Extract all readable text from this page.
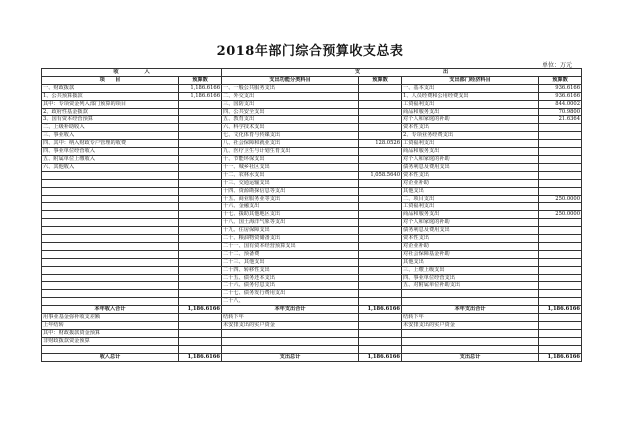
2018年部门综合预算收支总表
单位：万元
收　　　　　入		支　　　　　　　　　　　　　　　　出			
项　　目	预算数	支出功能分类科目	预算数	支出部门经济科目	预算数
一、财政拨款	1,186.6166	一、一般公共服务支出		一、基本支出	936.6166
1、公共预算拨款	1,186.6166	二、外交支出		1、人员经费和公用经费支出	936.6166
其中：专项资金列入部门预算的项目		三、国防支出		工资福利支出	844.0002
2、政府性基金拨款		四、公共安全支出		商品和服务支出	70.9800
3、国有资本经营预算		五、教育支出		对个人和家庭的补助	21.6364
二、上级补助收入		六、科学技术支出		资本性支出	
三、事业收入		七、文化体育与传媒支出		2、专项业务经费支出	
四、其中：纳入财政专户管理的收费		八、社会保障和就业支出	128.0526	工资福利支出	
四、事业单位经营收入		九、医疗卫生与计划生育支出		商品和服务支出	
五、附属单位上缴收入		十、节能环保支出		对个人和家庭的补助	
六、其他收入		十一、城乡社区支出		债务利息及费用支出	
		十二、农林水支出	1,058.5640	资本性支出	
		十三、交通运输支出		对企业补助	
		十四、资源勘探信息等支出		其他支出	
		十五、商业服务业等支出		二、项目支出	250.0000
		十六、金融支出		工资福利支出	
		十七、援助其他地区支出		商品和服务支出	250.0000
		十八、国土海洋气象等支出		对个人和家庭的补助	
		十九、住房保障支出		债务利息及费用支出	
		二十、粮油物资储备支出		资本性支出	
		二十一、国有资本经营预算支出		对企业补助	
		二十二、预备费		对社会保障基金补助	
		二十三、其他支出		其他支出	
		二十四、转移性支出		三、上缴上级支出	
		二十五、债务还本支出		四、事业单位经营支出	
		二十六、债务付息支出		五、对附属单位补助支出	
		二十七、债务发行费用支出			
		二十八、			
本年收入合计	1,186.6166	本年支出合计	1,186.6166	本年支出合计	1,186.6166
用事业基金弥补收支差额		结转下年		结转下年	
上年结转		未安排支出的实户资金		未安排支出的实户资金	
其中：财政拨款资金预算					
非财政拨款资金预算					

收入总计	1,186.6166	支出总计	1,186.6166	支出总计	1,186.6166
